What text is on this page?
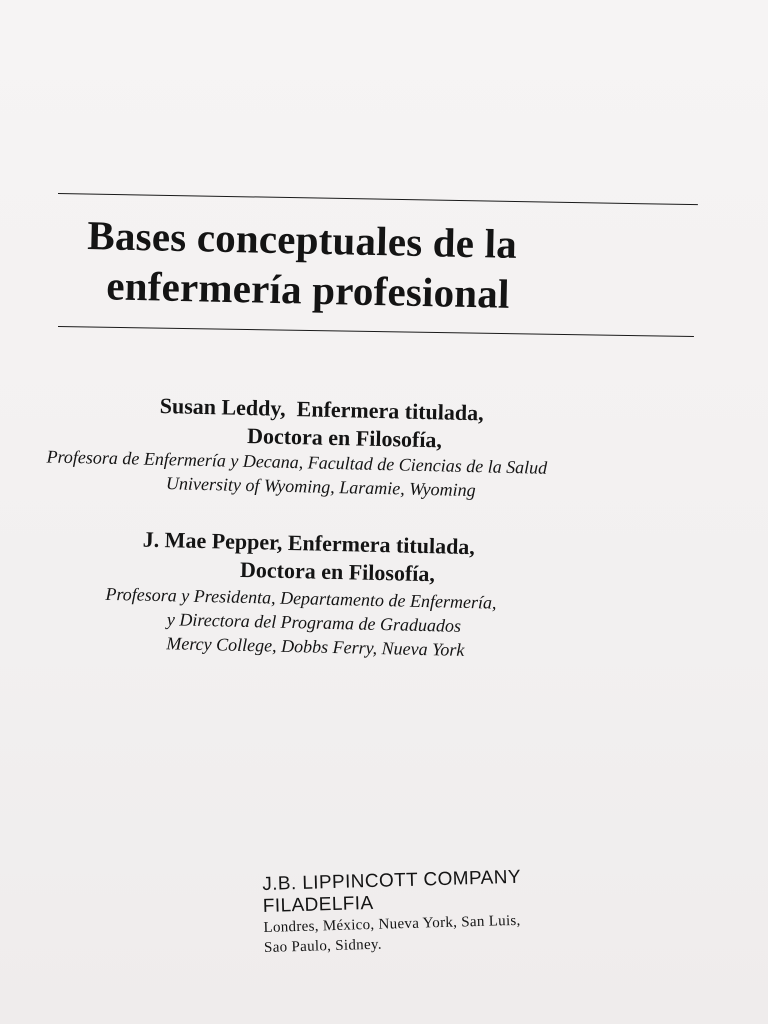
Bases conceptuales de la
enfermería profesional
Susan Leddy, Enfermera titulada,
Doctora en Filosofía,
Profesora de Enfermería y Decana, Facultad de Ciencias de la Salud
University of Wyoming, Laramie, Wyoming
J. Mae Pepper, Enfermera titulada,
Doctora en Filosofía,
Profesora y Presidenta, Departamento de Enfermería,
y Directora del Programa de Graduados
Mercy College, Dobbs Ferry, Nueva York
J.B. LIPPINCOTT COMPANY
FILADELFIA
Londres, México, Nueva York, San Luis,
Sao Paulo, Sidney.
